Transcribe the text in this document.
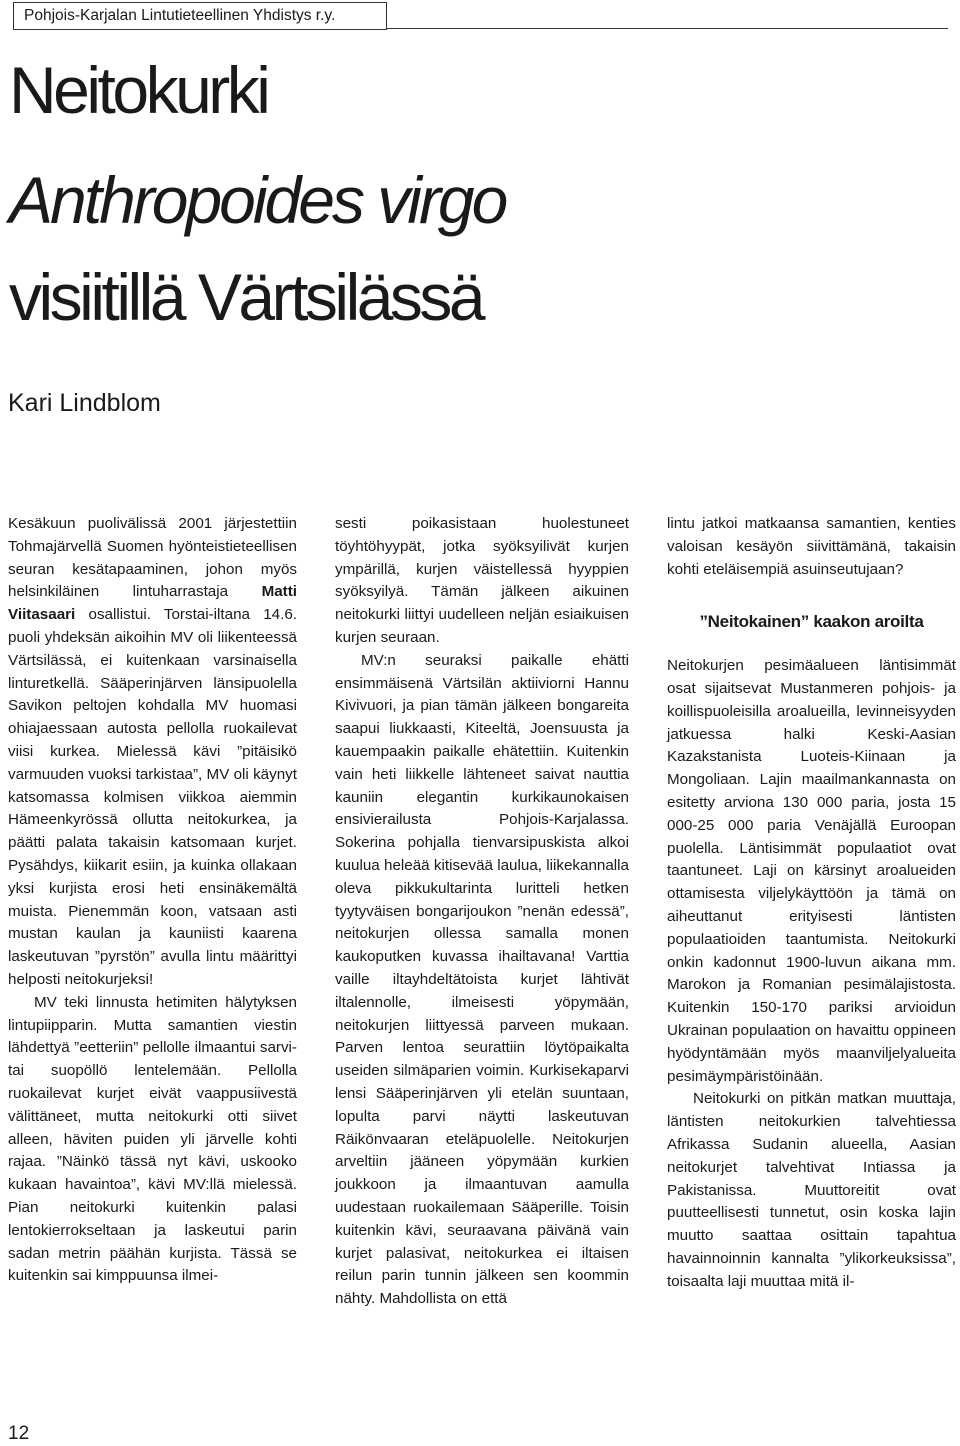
Pohjois-Karjalan Lintutieteellinen Yhdistys r.y.
Neitokurki
Anthropoides virgo
visiitillä Värtsilässä
Kari Lindblom

Kesäkuun puolivälissä 2001 järjestettiin Tohmajärvellä Suomen hyönteistieteellisen seuran kesätapaaminen, johon myös helsinkiläinen lintuharrastaja Matti Viitasaari osallistui. Torstai-iltana 14.6. puoli yhdeksän aikoihin MV oli liikenteessä Värtsilässä, ei kuitenkaan varsinaisella linturetkellä. Sääperinjärven länsipuolella Savikon peltojen kohdalla MV huomasi ohiajaessaan autosta pellolla ruokailevat viisi kurkea. Mielessä kävi ”pitäisikö varmuuden vuoksi tarkistaa”, MV oli käynyt katsomassa kolmisen viikkoa aiemmin Hämeenkyrössä ollutta neitokurkea, ja päätti palata takaisin katsomaan kurjet. Pysähdys, kiikarit esiin, ja kuinka ollakaan yksi kurjista erosi heti ensinäkemältä muista. Pienemmän koon, vatsaan asti mustan kaulan ja kauniisti kaarena laskeutuvan ”pyrstön” avulla lintu määrittyi helposti neitokurjeksi!

MV teki linnusta hetimiten hälytyksen lintupiipparin. Mutta samantien viestin lähdettyä ”eetteriin” pellolle ilmaantui sarvi- tai suopöllö lentelemään. Pellolla ruokailevat kurjet eivät vaappusiivestä välittäneet, mutta neitokurki otti siivet alleen, häviten puiden yli järvelle kohti rajaa. ”Näinkö tässä nyt kävi, uskooko kukaan havaintoa”, kävi MV:llä mielessä. Pian neitokurki kuitenkin palasi lentokierrokseltaan ja laskeutui parin sadan metrin päähän kurjista. Tässä se kuitenkin sai kimppuunsa ilmei-

sesti poikasistaan huolestuneet töyhtöhyypät, jotka syöksyilivät kurjen ympärillä, kurjen väistellessä hyyppien syöksyilyä. Tämän jälkeen aikuinen neitokurki liittyi uudelleen neljän esiaikuisen kurjen seuraan.

MV:n seuraksi paikalle ehätti ensimmäisenä Värtsilän aktiiviorni Hannu Kivivuori, ja pian tämän jälkeen bongareita saapui liukkaasti, Kiteeltä, Joensuusta ja kauempaakin paikalle ehätettiin. Kuitenkin vain heti liikkelle lähteneet saivat nauttia kauniin elegantin kurkikaunokaisen ensivierailusta Pohjois-Karjalassa. Sokerina pohjalla tienvarsipuskista alkoi kuulua heleää kitisevää laulua, liikekannalla oleva pikkukultarinta luritteli hetken tyytyväisen bongarijoukon ”nenän edessä”, neitokurjen ollessa samalla monen kaukoputken kuvassa ihailtavana! Varttia vaille iltayhdeltätoista kurjet lähtivät iltalennolle, ilmeisesti yöpymään, neitokurjen liittyessä parveen mukaan. Parven lentoa seurattiin löytöpaikalta useiden silmäparien voimin. Kurkisekaparvi lensi Sääperinjärven yli etelän suuntaan, lopulta parvi näytti laskeutuvan Räikönvaaran eteläpuolelle. Neitokurjen arveltiin jääneen yöpymään kurkien joukkoon ja ilmaantuvan aamulla uudestaan ruokailemaan Sääperille. Toisin kuitenkin kävi, seuraavana päivänä vain kurjet palasivat, neitokurkea ei iltaisen reilun parin tunnin jälkeen sen koommin nähty. Mahdollista on että

lintu jatkoi matkaansa samantien, kenties valoisan kesäyön siivittämänä, takaisin kohti eteläisempiä asuinseutujaan?

”Neitokainen” kaakon aroilta

Neitokurjen pesimäalueen läntisimmät osat sijaitsevat Mustanmeren pohjois- ja koillispuoleisilla aroalueilla, levinneisyyden jatkuessa halki Keski-Aasian Kazakstanista Luoteis-Kiinaan ja Mongoliaan. Lajin maailmankannasta on esitetty arviona 130 000 paria, josta 15 000-25 000 paria Venäjällä Euroopan puolella. Läntisimmät populaatiot ovat taantuneet. Laji on kärsinyt aroalueiden ottamisesta viljelykäyttöön ja tämä on aiheuttanut erityisesti läntisten populaatioiden taantumista. Neitokurki onkin kadonnut 1900-luvun aikana mm. Marokon ja Romanian pesimälajistosta. Kuitenkin 150-170 pariksi arvioidun Ukrainan populaation on havaittu oppineen hyödyntämään myös maanviljelyalueita pesimäympäristöinään.

Neitokurki on pitkän matkan muuttaja, läntisten neitokurkien talvehtiessa Afrikassa Sudanin alueella, Aasian neitokurjet talvehtivat Intiassa ja Pakistanissa. Muuttoreitit ovat puutteellisesti tunnetut, osin koska lajin muutto saattaa osittain tapahtua havainnoinnin kannalta ”ylikorkeuksissa”, toisaalta laji muuttaa mitä il-

12
